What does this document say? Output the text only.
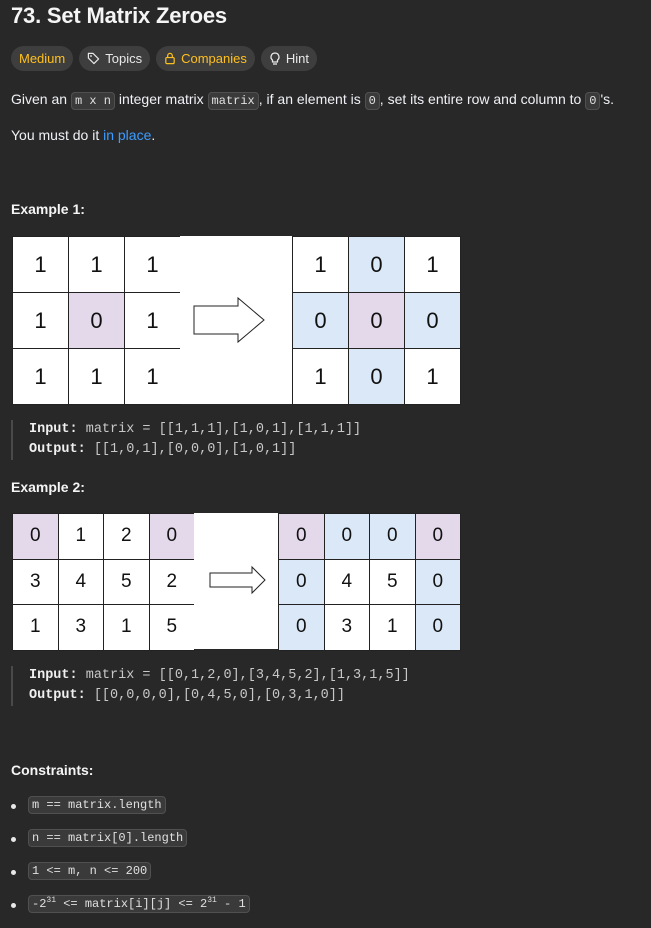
73. Set Matrix Zeroes
Medium	Topics	Companies	Hint
Given an m x n integer matrix matrix , if an element is 0 , set its entire row and column to 0 's.
You must do it in place.
Example 1:
1	1	1
1	0	1
1	1	1
1	0	1
0	0	0
1	0	1
Input: matrix = [[1,1,1],[1,0,1],[1,1,1]]
Output: [[1,0,1],[0,0,0],[1,0,1]]
Example 2:
0	1	2	0
3	4	5	2
1	3	1	5
0	0	0	0
0	4	5	0
0	3	1	0
Input: matrix = [[0,1,2,0],[3,4,5,2],[1,3,1,5]]
Output: [[0,0,0,0],[0,4,5,0],[0,3,1,0]]
Constraints:
m == matrix.length
n == matrix[0].length
1 <= m, n <= 200
$-2^{31}$ <= matrix[i][j] <= $2^{31} - 1$
